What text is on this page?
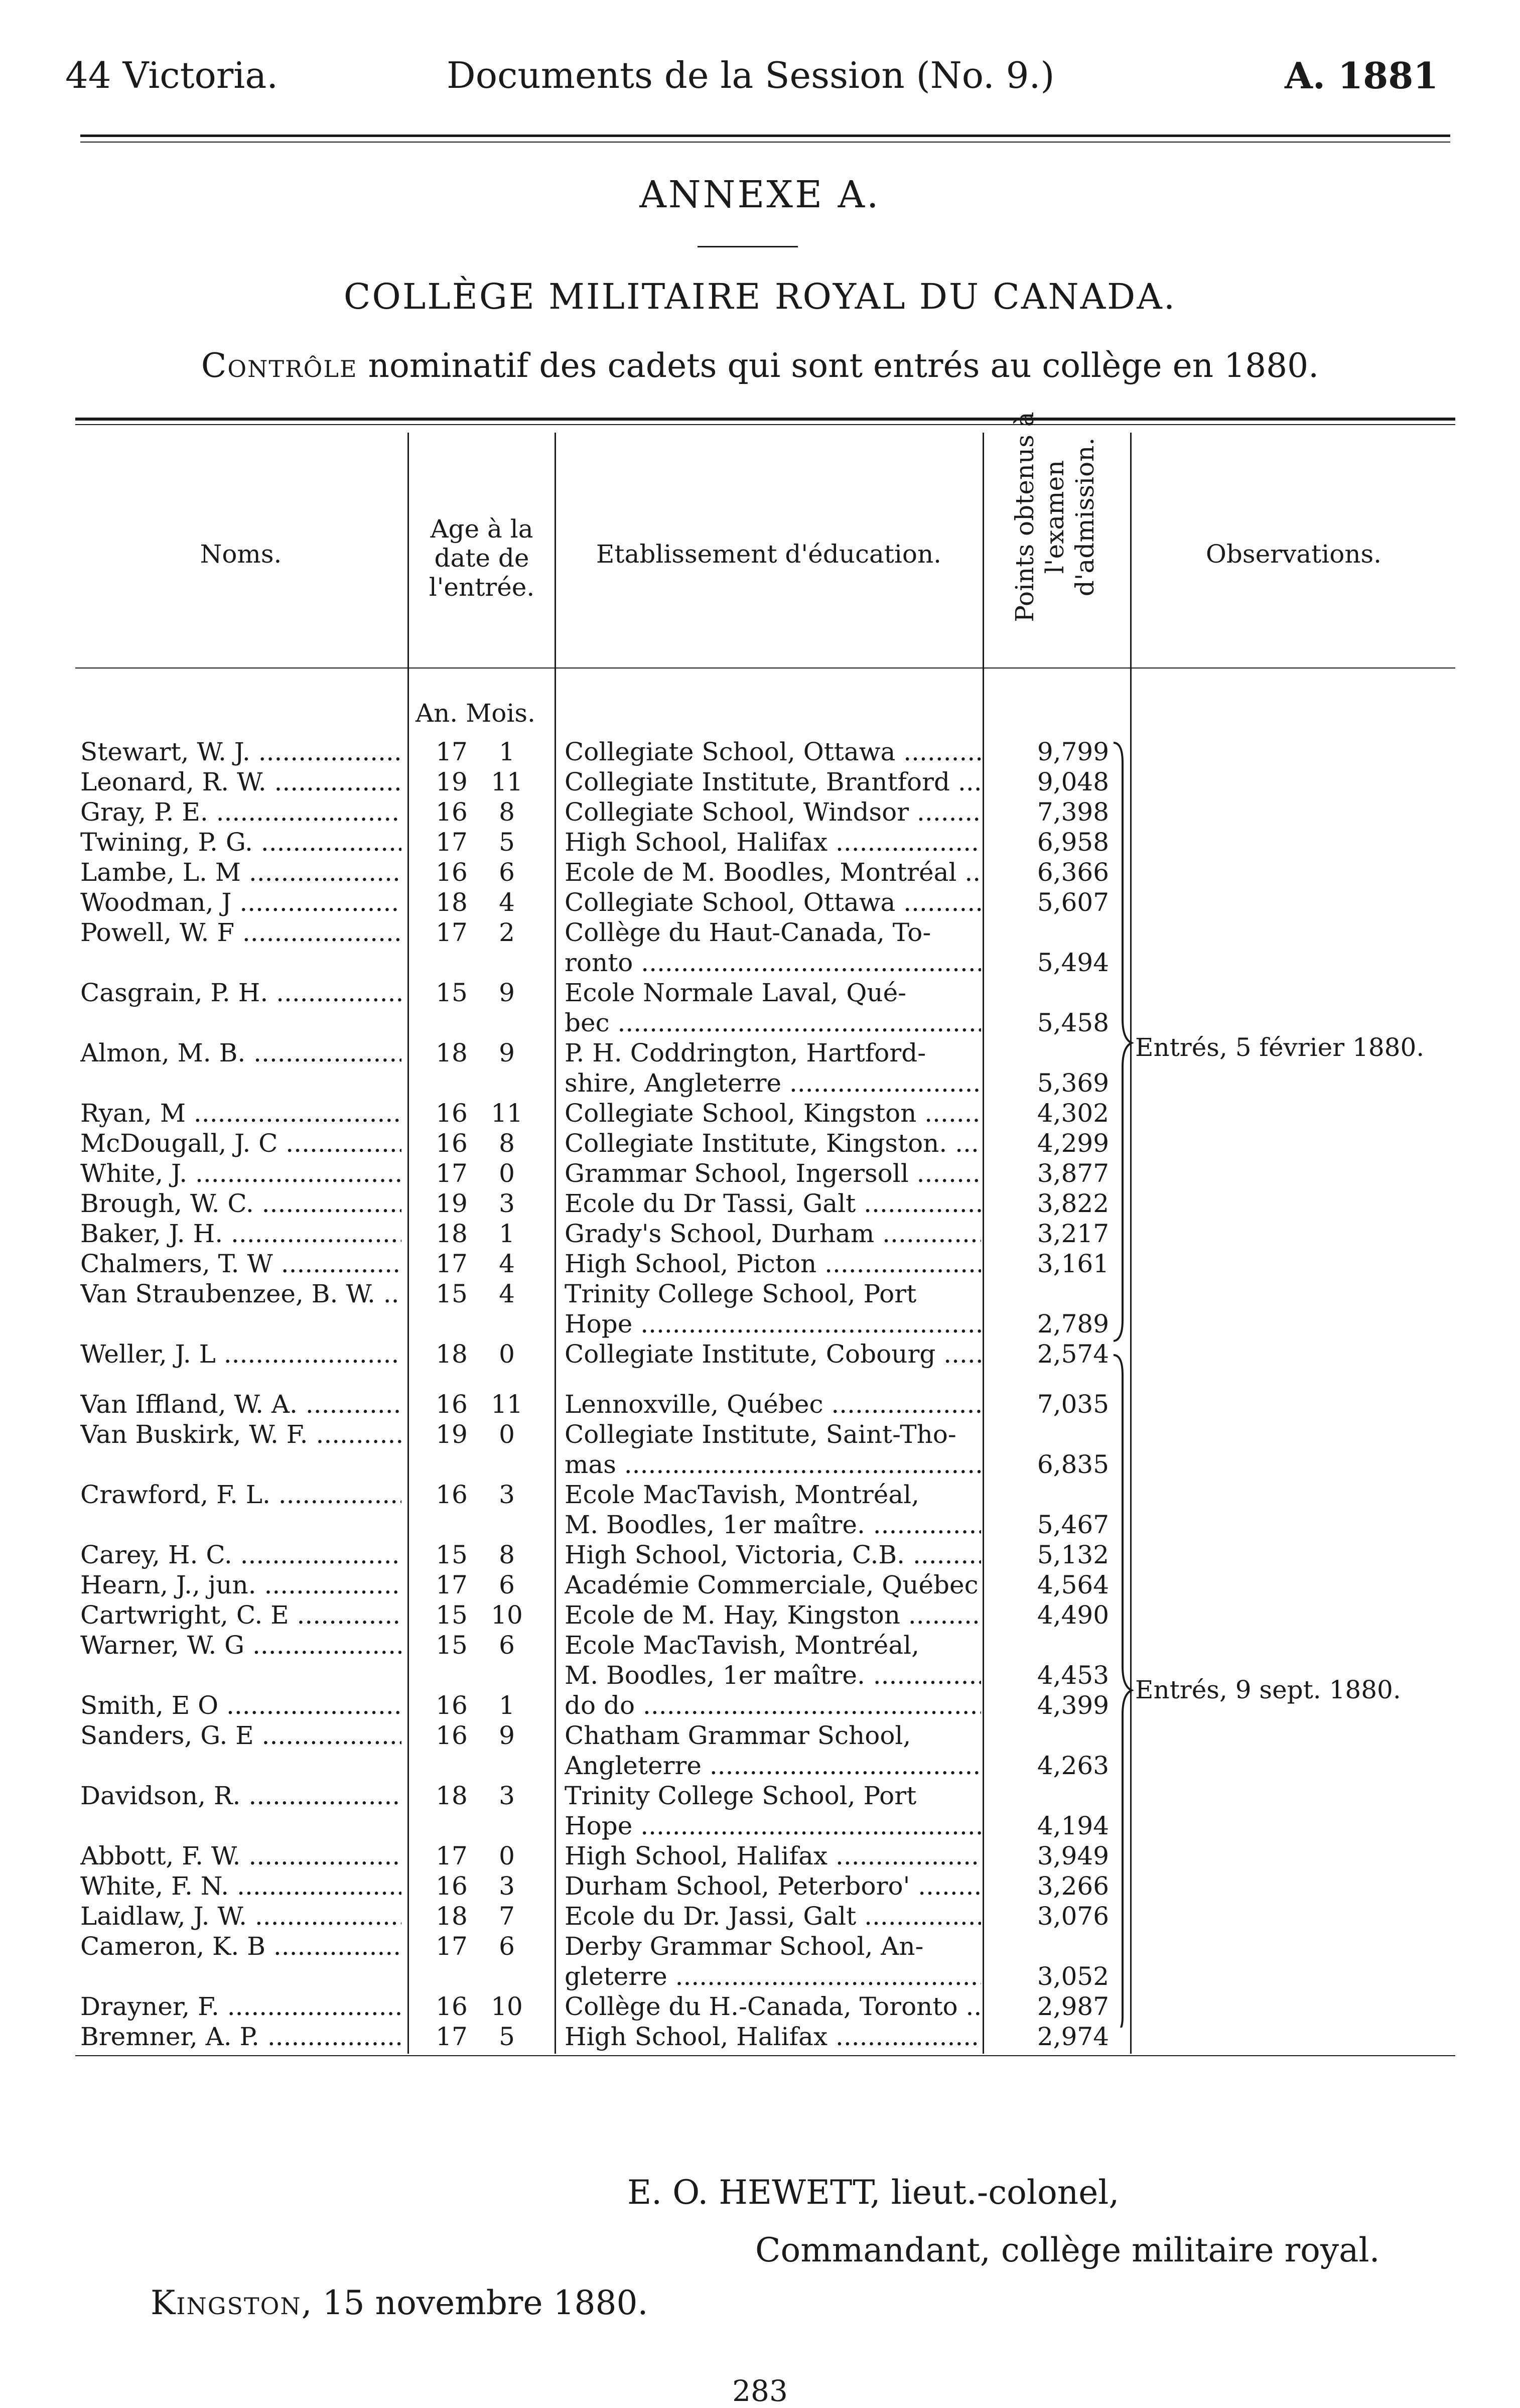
44 Victoria.	Documents de la Session (No. 9.)	A. 1881
ANNEXE A.
COLLÈGE MILITAIRE ROYAL DU CANADA.
Contrôle nominatif des cadets qui sont entrés au collège en 1880.
Noms.
Age à la date de l'entrée.
Etablissement d'éducation.	Points obtenus à l'examen d'admission.	Observations.
An. Mois.
Stewart, W. J. .....	17	1	Collegiate School, Ottawa .....	9,799
Leonard, R. W. .....	19 11	Collegiate Institute, Brantford .....	9,048
Gray, P. E. .....	16	8	Collegiate School, Windsor .....	7,398
Twining, P. G. .....	17	5	High School, Halifax .....	6,958
Lambe, L. M .....	16	6	Ecole de M. Boodles, Montréal .....	6,366
Woodman, J .....	18	4	Collegiate School, Ottawa .....	5,607
Powell, W. F .....	17	2	Collège du Haut-Canada, To-
ronto .....	5,494
Casgrain, P. H. .....	15	9	Ecole Normale Laval, Qué-
bec .....	5,458
Almon, M. B. .....	18	9	P. H. Coddrington, Hartford-
shire, Angleterre .....	5,369
Ryan, M .....	16 11	Collegiate School, Kingston .....	4,302
McDougall, J. C .....	16	8	Collegiate Institute, Kingston. .....	4,299
White, J. .....	17	0	Grammar School, Ingersoll .....	3,877
Brough, W. C. .....	19	3	Ecole du Dr Tassi, Galt .....	3,822
Baker, J. H. .....	18	1	Grady's School, Durham .....	3,217
Chalmers, T. W .....	17	4	High School, Picton .....	3,161
Van Straubenzee, B. W. .....	15	4	Trinity College School, Port
Hope .....	2,789
Weller, J. L .....	18	0	Collegiate Institute, Cobourg .....	2,574
Van Iffland, W. A. .....	16 11	Lennoxville, Québec .....	7,035
Van Buskirk, W. F. .....	19	0	Collegiate Institute, Saint-Tho-
mas .....	6,835
Crawford, F. L. .....	16	3	Ecole MacTavish, Montréal,
M. Boodles, 1er maître. .....	5,467
Carey, H. C. .....	15	8	High School, Victoria, C.B. .....	5,132
Hearn, J., jun. .....	17	6	Académie Commerciale, Québec .....	4,564
Cartwright, C. E .....	15 10	Ecole de M. Hay, Kingston .....	4,490
Warner, W. G .....	15	6	Ecole MacTavish, Montréal,
M. Boodles, 1er maître. .....	4,453
Smith, E O .....	16	1	do do .....	4,399
Sanders, G. E .....	16	9	Chatham Grammar School,
Angleterre .....	4,263
Davidson, R. .....	18	3	Trinity College School, Port
Hope .....	4,194
Abbott, F. W. .....	17	0	High School, Halifax .....	3,949
White, F. N. .....	16	3	Durham School, Peterboro' .....	3,266
Laidlaw, J. W. .....	18	7	Ecole du Dr. Jassi, Galt .....	3,076
Cameron, K. B .....	17	6	Derby Grammar School, An-
gleterre .....	3,052
Drayner, F. .....	16 10	Collège du H.-Canada, Toronto .....	2,987
Bremner, A. P. .....	17	5	High School, Halifax .....	2,974
Entrés, 5 février 1880.
Entrés, 9 sept. 1880.
E. O. HEWETT, lieut.-colonel,
Commandant, collège militaire royal.
Kingston, 15 novembre 1880.
283
